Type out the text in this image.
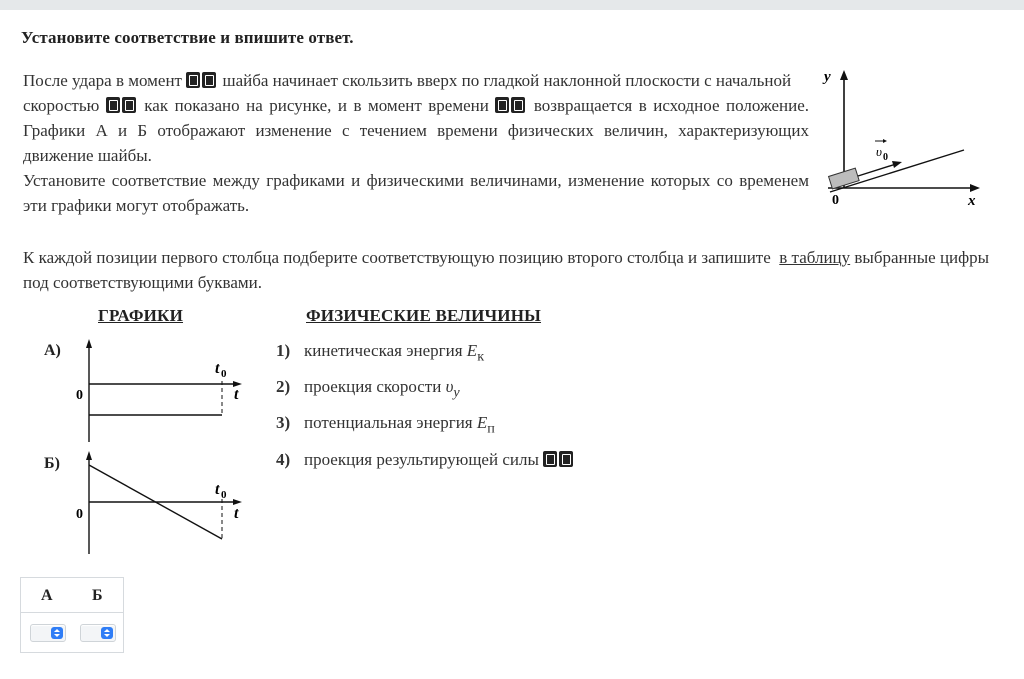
Установите соответствие и впишите ответ.

После удара в момент шайба начинает скользить вверх по гладкой наклонной плоскости с начальной

скоростью	как показано на рисунке, и в момент времени	возвращается в исходное положение. Графики А и Б отображают изменение с течением времени физических величин, характеризующих движение шайбы.

Установите соответствие между графиками и физическими величинами, изменение которых со временем эти графики могут отображать.

К каждой позиции первого столбца подберите соответствующую позицию второго столбца и запишите в таблицу выбранные цифры под соответствующими буквами.

y
x
0
υ 0
ГРАФИКИ	ФИЗИЧЕСКИЕ ВЕЛИЧИНЫ
А)
0	t
t 0
Б)
0	t
t 0
1) кинетическая энергия $E_к$
2) проекция скорости $\upsilon_y$
3) потенциальная энергия $E_п$
4) проекция результирующей силы
А Б
